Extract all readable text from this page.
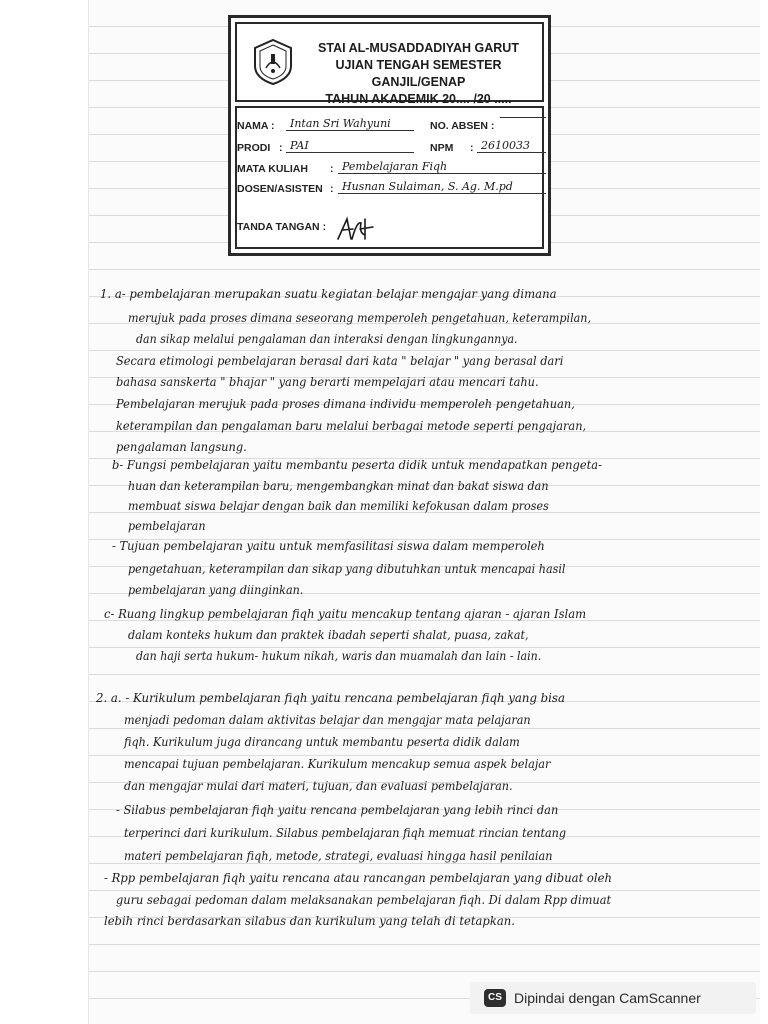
STAI AL-MUSADDADIYAH GARUT
UJIAN TENGAH SEMESTER GANJIL/GENAP
TAHUN AKADEMIK 20.... /20 .....
NAMA :	Intan Sri Wahyuni	NO. ABSEN :
PRODI : PAI	NPM : 2610033
MATA KULIAH : Pembelajaran Fiqh
DOSEN/ASISTEN : Husnan Sulaiman, S. Ag. M.pd
TANDA TANGAN :
1. a- pembelajaran merupakan suatu kegiatan belajar mengajar yang dimana
merujuk pada proses dimana seseorang memperoleh pengetahuan, keterampilan,
dan sikap melalui pengalaman dan interaksi dengan lingkungannya.
Secara etimologi pembelajaran berasal dari kata " belajar " yang berasal dari
bahasa sanskerta " bhajar " yang berarti mempelajari atau mencari tahu.
Pembelajaran merujuk pada proses dimana individu memperoleh pengetahuan,
keterampilan dan pengalaman baru melalui berbagai metode seperti pengajaran,
pengalaman langsung.
b- Fungsi pembelajaran yaitu membantu peserta didik untuk mendapatkan pengeta-
huan dan keterampilan baru, mengembangkan minat dan bakat siswa dan
membuat siswa belajar dengan baik dan memiliki kefokusan dalam proses
pembelajaran
- Tujuan pembelajaran yaitu untuk memfasilitasi siswa dalam memperoleh
pengetahuan, keterampilan dan sikap yang dibutuhkan untuk mencapai hasil
pembelajaran yang diinginkan.
c- Ruang lingkup pembelajaran fiqh yaitu mencakup tentang ajaran - ajaran Islam
dalam konteks hukum dan praktek ibadah seperti shalat, puasa, zakat,
dan haji serta hukum- hukum nikah, waris dan muamalah dan lain - lain.
2. a. - Kurikulum pembelajaran fiqh yaitu rencana pembelajaran fiqh yang bisa
menjadi pedoman dalam aktivitas belajar dan mengajar mata pelajaran
fiqh. Kurikulum juga dirancang untuk membantu peserta didik dalam
mencapai tujuan pembelajaran. Kurikulum mencakup semua aspek belajar
dan mengajar mulai dari materi, tujuan, dan evaluasi pembelajaran.
- Silabus pembelajaran fiqh yaitu rencana pembelajaran yang lebih rinci dan
terperinci dari kurikulum. Silabus pembelajaran fiqh memuat rincian tentang
materi pembelajaran fiqh, metode, strategi, evaluasi hingga hasil penilaian
- Rpp pembelajaran fiqh yaitu rencana atau rancangan pembelajaran yang dibuat oleh
guru sebagai pedoman dalam melaksanakan pembelajaran fiqh. Di dalam Rpp dimuat
lebih rinci berdasarkan silabus dan kurikulum yang telah di tetapkan.
CS Dipindai dengan CamScanner
